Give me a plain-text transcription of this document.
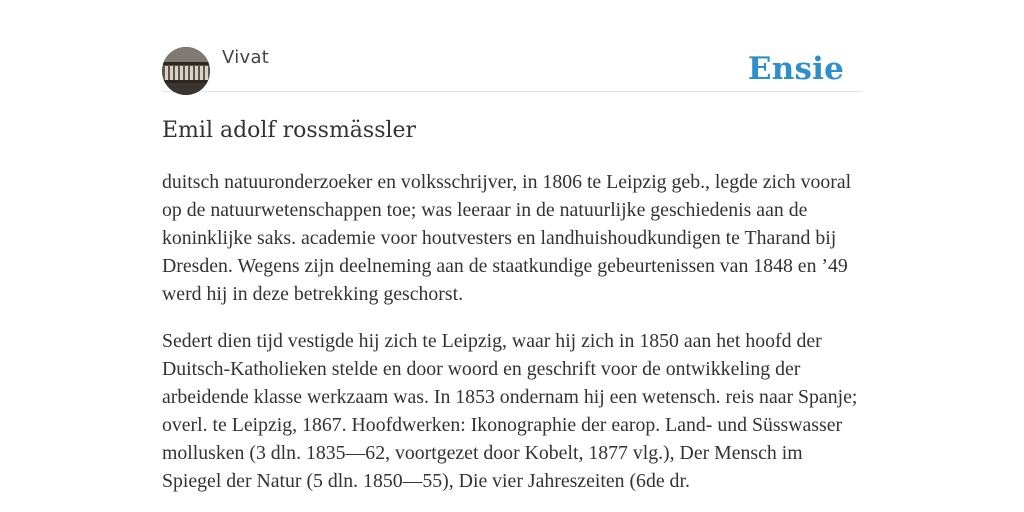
Vivat	Ensie
Emil adolf rossmässler

duitsch natuuronderzoeker en volksschrijver, in 1806 te Leipzig geb., legde zich vooral op de natuurwetenschappen toe; was leeraar in de natuurlijke geschiedenis aan de koninklijke saks. academie voor houtvesters en landhuishoudkundigen te Tharand bij Dresden. Wegens zijn deelneming aan de staatkundige gebeurtenissen van 1848 en ’49 werd hij in deze betrekking geschorst.

Sedert dien tijd vestigde hij zich te Leipzig, waar hij zich in 1850 aan het hoofd der Duitsch-Katholieken stelde en door woord en geschrift voor de ontwikkeling der arbeidende klasse werkzaam was. In 1853 ondernam hij een wetensch. reis naar Spanje; overl. te Leipzig, 1867. Hoofdwerken: Ikonographie der earop. Land- und Süsswasser mollusken (3 dln. 1835—62, voortgezet door Kobelt, 1877 vlg.), Der Mensch im Spiegel der Natur (5 dln. 1850—55), Die vier Jahreszeiten (6de dr.
